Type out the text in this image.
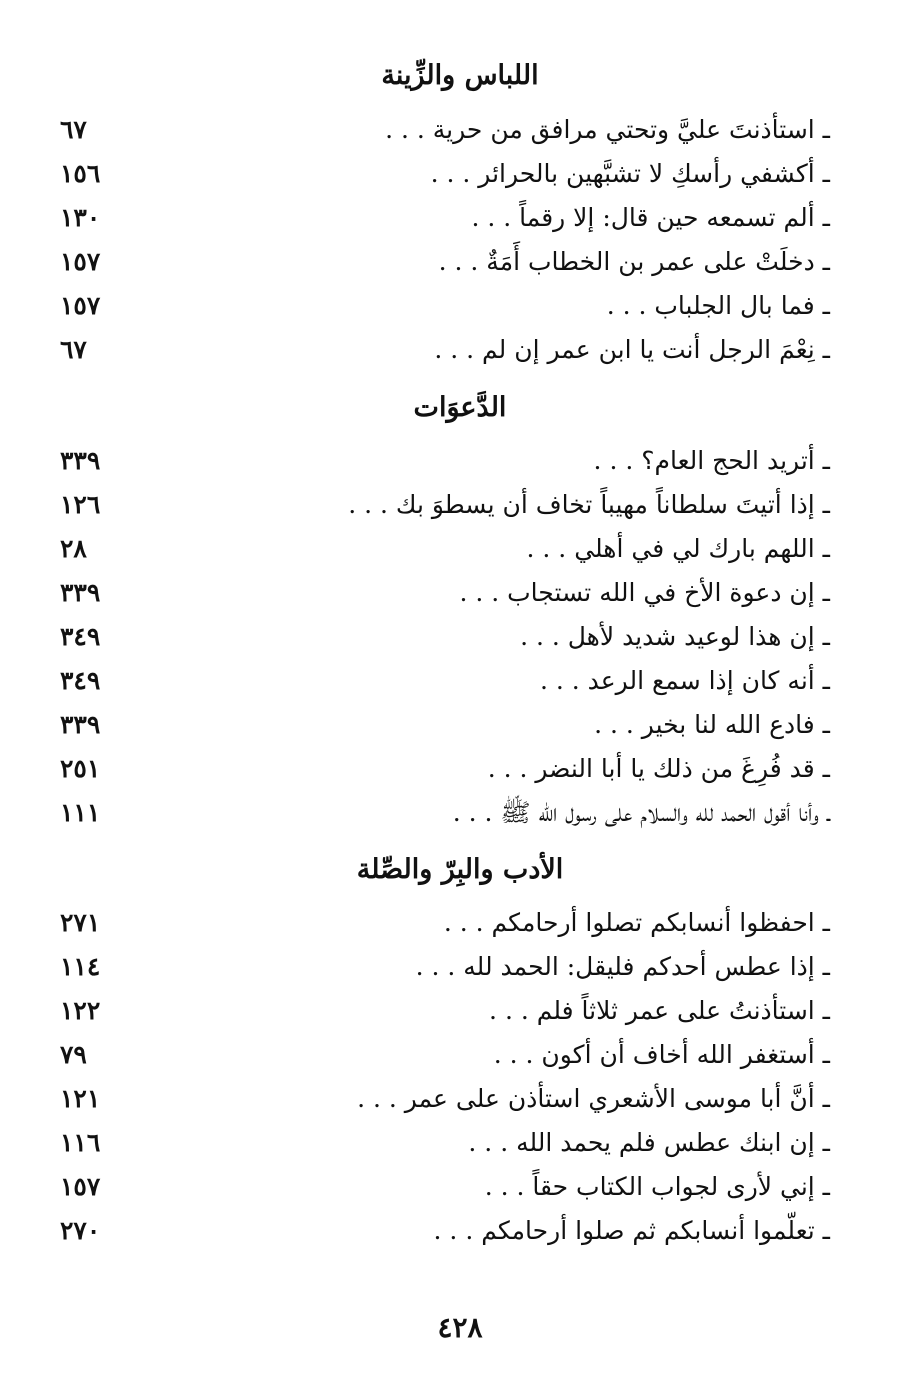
اللباس والزِّينة
ـ استأذنتَ عليَّ وتحتي مرافق من حرية . . .
٦٧
ـ أكشفي رأسكِ لا تشبَّهين بالحرائر . . .
١٥٦
ـ ألم تسمعه حين قال: إلا رقماً . . .
١٣٠
ـ دخلَتْ على عمر بن الخطاب أَمَةٌ . . .
١٥٧
ـ فما بال الجلباب . . .
١٥٧
ـ نِعْمَ الرجل أنت يا ابن عمر إن لم . . .
٦٧
الدَّعوَات
ـ أتريد الحج العام؟ . . .
٣٣٩
ـ إذا أتيتَ سلطاناً مهيباً تخاف أن يسطوَ بك . . .
١٢٦
ـ اللهم بارك لي في أهلي . . .
٢٨
ـ إن دعوة الأخ في الله تستجاب . . .
٣٣٩
ـ إن هذا لوعيد شديد لأهل . . .
٣٤٩
ـ أنه كان إذا سمع الرعد . . .
٣٤٩
ـ فادع الله لنا بخير . . .
٣٣٩
ـ قد فُرِغَ من ذلك يا أبا النضر . . .
٢٥١
ـ وأنا أقول الحمد لله والسلام على رسول الله ﷺ . . .
١١١
الأدب والبِرّ والصِّلة
ـ احفظوا أنسابكم تصلوا أرحامكم . . .
٢٧١
ـ إذا عطس أحدكم فليقل: الحمد لله . . .
١١٤
ـ استأذنتُ على عمر ثلاثاً فلم . . .
١٢٢
ـ أستغفر الله أخاف أن أكون . . .
٧٩
ـ أنَّ أبا موسى الأشعري استأذن على عمر . . .
١٢١
ـ إن ابنك عطس فلم يحمد الله . . .
١١٦
ـ إني لأرى لجواب الكتاب حقاً . . .
١٥٧
ـ تعلّموا أنسابكم ثم صلوا أرحامكم . . .
٢٧٠
٤٢٨
